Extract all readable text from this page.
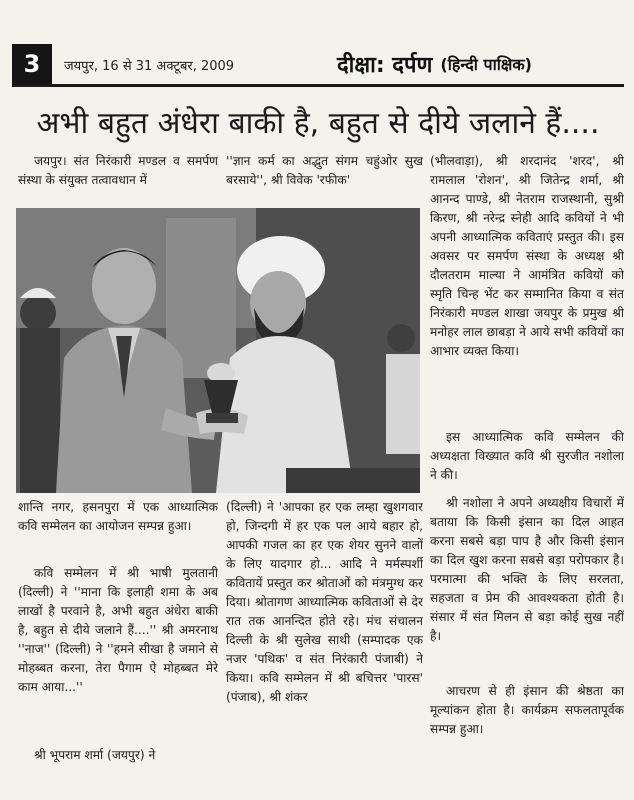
3	जयपुर, 16 से 31 अक्टूबर, 2009	दीक्षा: दर्पण (हिन्दी पाक्षिक)
अभी बहुत अंधेरा बाकी है, बहुत से दीये जलाने हैं....

जयपुर। संत निरंकारी मण्डल व समर्पण संस्था के संयुक्त तत्वावधान में

शान्ति नगर, हसनपुरा में एक आध्यात्मिक कवि सम्मेलन का आयोजन सम्पन्न हुआ।

कवि सम्मेलन में श्री भाषी मुलतानी (दिल्ली) ने ''माना कि इलाही शमा के अब लाखों है परवाने है, अभी बहुत अंधेरा बाकी है, बहुत से दीये जलाने हैं....'' श्री अमरनाथ ''नाज'' (दिल्ली) ने ''हमने सीखा है जमाने से मोहब्बत करना, तेरा पैगाम ऐ मोहब्बत मेरे काम आया...''

श्री भूपराम शर्मा (जयपुर) ने

''ज्ञान कर्म का अद्भुत संगम चहुंओर सुख बरसाये'', श्री विवेक 'रफीक'

(दिल्ली) ने 'आपका हर एक लम्हा खुशगवार हो, जिन्दगी में हर एक पल आये बहार हो, आपकी गजल का हर एक शेयर सुनने वालों के लिए यादगार हो... आदि ने मर्मस्पर्शी कवितायें प्रस्तुत कर श्रोताओं को मंत्रमुग्ध कर दिया। श्रोतागण आध्यात्मिक कविताओं से देर रात तक आनन्दित होते रहे। मंच संचालन दिल्ली के श्री सुलेख साथी (सम्पादक एक नजर 'पथिक' व संत निरंकारी पंजाबी) ने किया। कवि सम्मेलन में श्री बचित्तर 'पारस' (पंजाब), श्री शंकर

(भीलवाड़ा), श्री शरदानंद 'शरद', श्री रामलाल 'रोशन', श्री जितेन्द्र शर्मा, श्री आनन्द पाण्डे, श्री नेतराम राजस्थानी, सुश्री किरण, श्री नरेन्द्र स्नेही आदि कवियों ने भी अपनी आध्यात्मिक कविताएं प्रस्तुत की। इस अवसर पर समर्पण संस्था के अध्यक्ष श्री दौलतराम माल्या ने आमंत्रित कवियों को स्मृति चिन्ह भेंट कर सम्मानित किया व संत निरंकारी मण्डल शाखा जयपुर के प्रमुख श्री मनोहर लाल छाबड़ा ने आये सभी कवियों का आभार व्यक्त किया।

इस आध्यात्मिक कवि सम्मेलन की अध्यक्षता विख्यात कवि श्री सुरजीत नशोला ने की।

श्री नशोला ने अपने अध्यक्षीय विचारों में बताया कि किसी इंसान का दिल आहत करना सबसे बड़ा पाप है और किसी इंसान का दिल खुश करना सबसे बड़ा परोपकार है। परमात्मा की भक्ति के लिए सरलता, सहजता व प्रेम की आवश्यकता होती है। संसार में संत मिलन से बड़ा कोई सुख नहीं है।

आचरण से ही इंसान की श्रेष्ठता का मूल्यांकन होता है। कार्यक्रम सफलतापूर्वक सम्पन्न हुआ।
